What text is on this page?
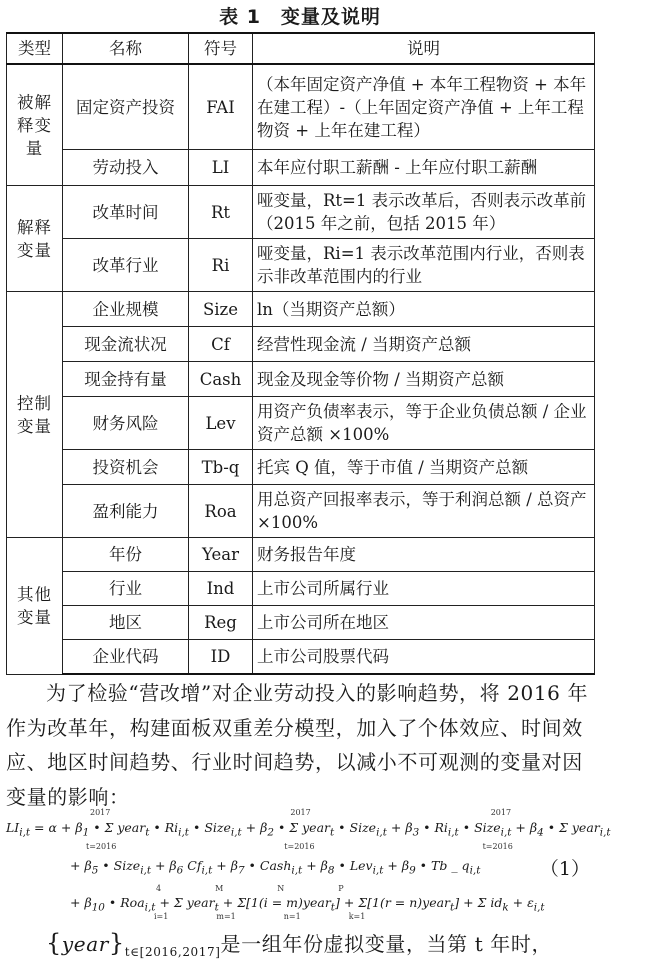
表 1　变量及说明
类型	名称	符号	说明
被解释变量	固定资产投资	FAI	（本年固定资产净值 + 本年工程物资 + 本年在建工程）-（上年固定资产净值 + 上年工程物资 + 上年在建工程）
	劳动投入	LI	本年应付职工薪酬 - 上年应付职工薪酬
解释变量	改革时间	Rt	哑变量，Rt=1 表示改革后，否则表示改革前（2015 年之前，包括 2015 年）
	改革行业	Ri	哑变量，Ri=1 表示改革范围内行业，否则表示非改革范围内的行业
控制变量	企业规模	Size	ln（当期资产总额）
	现金流状况	Cf	经营性现金流 / 当期资产总额
	现金持有量	Cash	现金及现金等价物 / 当期资产总额
	财务风险	Lev	用资产负债率表示，等于企业负债总额 / 企业资产总额 ×100%
	投资机会	Tb-q	托宾 Q 值，等于市值 / 当期资产总额
	盈利能力	Roa	用总资产回报率表示，等于利润总额 / 总资产 ×100%
其他变量	年份	Year	财务报告年度
	行业	Ind	上市公司所属行业
	地区	Reg	上市公司所在地区
	企业代码	ID	上市公司股票代码
为了检验“营改增”对企业劳动投入的影响趋势，将 2016 年作为改革年，构建面板双重差分模型，加入了个体效应、时间效应、地区时间趋势、行业时间趋势，以减小不可观测的变量对因变量的影响：
$LI_{i,t} = \alpha + \beta_1$ • Σ year$_t$ • $Ri_{i,t}$ • Size$_{i,t}$ + $\beta_2$ • Σ year$_t$ • Size$_{i,t}$ + $\beta_3$ • $Ri_{i,t}$ • Size$_{i,t}$ + $\beta_4$ • Σ year$_{i,t}$
+ $\beta_5$ • Size$_{i,t}$ + $\beta_6$ $Cf_{i,t} + \beta_7$ • Cash$_{i,t}$ + $\beta_8$ • $Lev_{i,t} + \beta_9$ • Tb _ $q_{i,t}$	（1）
+ $\beta_{10}$ • Roa$_{i,t}$ + Σ year$_t$ + Σ[1(i = m)year$_t$] + Σ[1(r = n)year$_t$] + Σ $id_k + \varepsilon_{i,t}$
2017	2017	2017
t=2016	t=2016	t=2016
4	M	N	P
i=1	m=1	n=1	k=1
$\{year\}_{t\in[2016,2017]}$是一组年份虚拟变量，当第 t 年时，
